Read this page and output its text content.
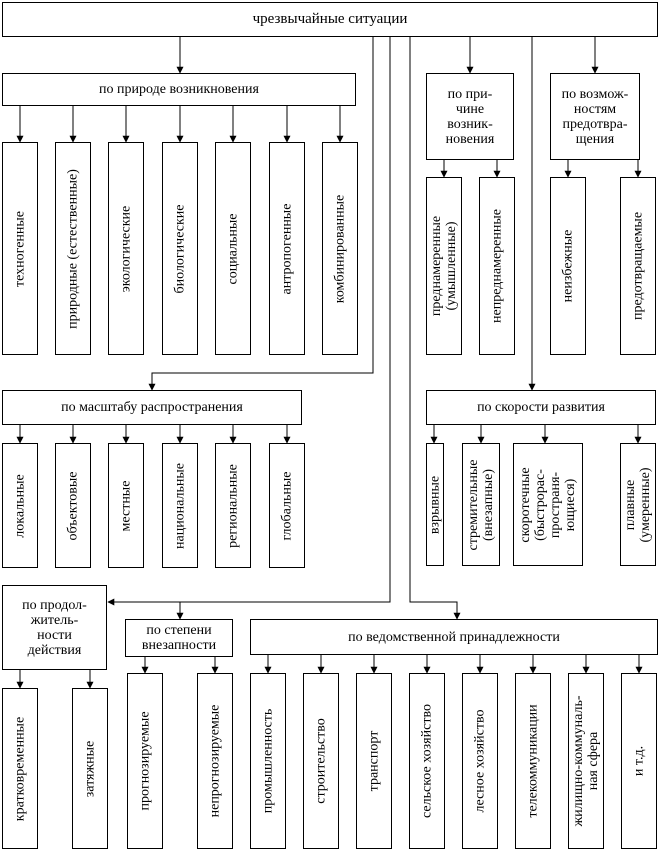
чрезвычайные ситуации
по природе возникновения
техногенные	природные (естественные)	экологические	биологические	социальные	антропогенные	комбинированные
по при-
чине
возник-
новения
преднамеренные
(умышленные) непреднамеренные
по возмож-
ностям
предотвра-
щения
неизбежные	предотвращаемые
по масштабу распространения
локальные	объектовые	местные	национальные	региональные	глобальные
по скорости развития
взрывные стремительные
(внезапные) скоротечные
(быстрорас-
пространя-
ющиеся)	плавные
(умеренные)
по продол-
житель-
ности
действия
кратковременные	затяжные
по степени
внезапности
прогнозируемые	непрогнозируемые
по ведомственной принадлежности
промышленность	строительство	транспорт	сельское хозяйство	лесное хозяйство	телекоммуникации жилищно-коммуналь-
ная сфера и т.д.
